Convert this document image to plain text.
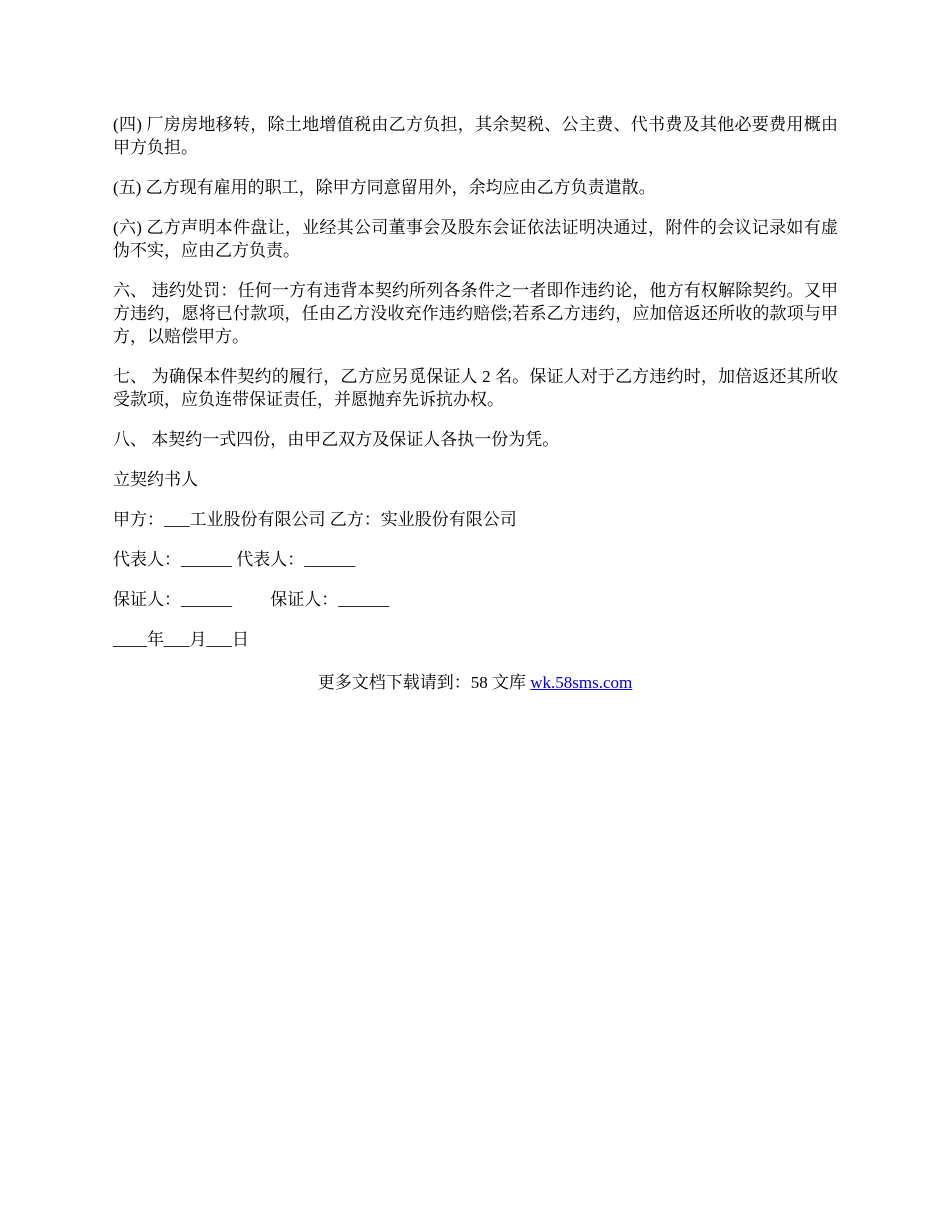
(四) 厂房房地移转，除土地增值税由乙方负担，其余契税、公主费、代书费及其他必要费用概由甲方负担。

(五) 乙方现有雇用的职工，除甲方同意留用外，余均应由乙方负责遣散。

(六) 乙方声明本件盘让，业经其公司董事会及股东会证依法证明决通过，附件的会议记录如有虚伪不实，应由乙方负责。

六、 违约处罚：任何一方有违背本契约所列各条件之一者即作违约论，他方有权解除契约。又甲方违约，愿将已付款项，任由乙方没收充作违约赔偿;若系乙方违约，应加倍返还所收的款项与甲方，以赔偿甲方。

七、 为确保本件契约的履行，乙方应另觅保证人 2 名。保证人对于乙方违约时，加倍返还其所收受款项，应负连带保证责任，并愿抛弃先诉抗办权。

八、 本契约一式四份，由甲乙双方及保证人各执一份为凭。

立契约书人

甲方：___工业股份有限公司 乙方：实业股份有限公司

代表人：______ 代表人：______

保证人：______　　 保证人：______

____年___月___日

更多文档下载请到：58 文库 wk.58sms.com
